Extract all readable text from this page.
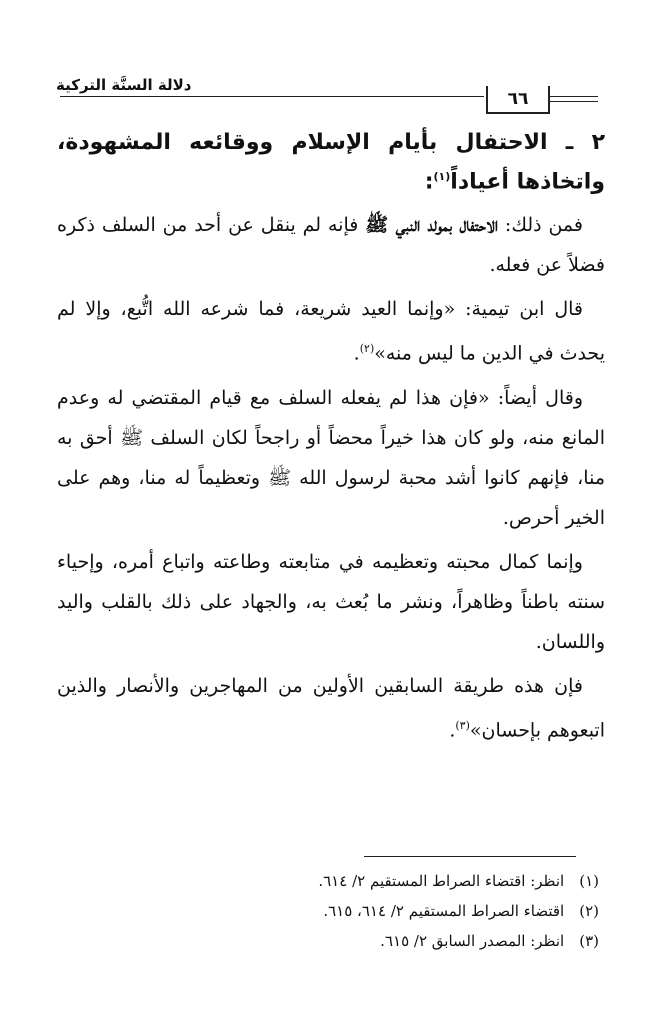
دلالة السنَّة التركية
٦٦
٢ ـ الاحتفال بأيام الإسلام ووقائعه المشهودة، واتخاذها أعياداً$^{(١)}$:

فمن ذلك: الاحتفال بمولد النبي ﷺ فإنه لم ينقل عن أحد من السلف ذكره فضلاً عن فعله.

قال ابن تيمية: «وإنما العيد شريعة، فما شرعه الله اتُّبع، وإلا لم يحدث في الدين ما ليس منه»$^{(٢)}$.

وقال أيضاً: «فإن هذا لم يفعله السلف مع قيام المقتضي له وعدم المانع منه، ولو كان هذا خيراً محضاً أو راجحاً لكان السلف ﷺ أحق به منا، فإنهم كانوا أشد محبة لرسول الله ﷺ وتعظيماً له منا، وهم على الخير أحرص.

وإنما كمال محبته وتعظيمه في متابعته وطاعته واتباع أمره، وإحياء سنته باطناً وظاهراً، ونشر ما بُعث به، والجهاد على ذلك بالقلب واليد واللسان.

فإن هذه طريقة السابقين الأولين من المهاجرين والأنصار والذين اتبعوهم بإحسان»$^{(٣)}$.

(١) انظر: اقتضاء الصراط المستقيم ٢/ ٦١٤.
(٢) اقتضاء الصراط المستقيم ٢/ ٦١٤، ٦١٥.
(٣) انظر: المصدر السابق ٢/ ٦١٥.
